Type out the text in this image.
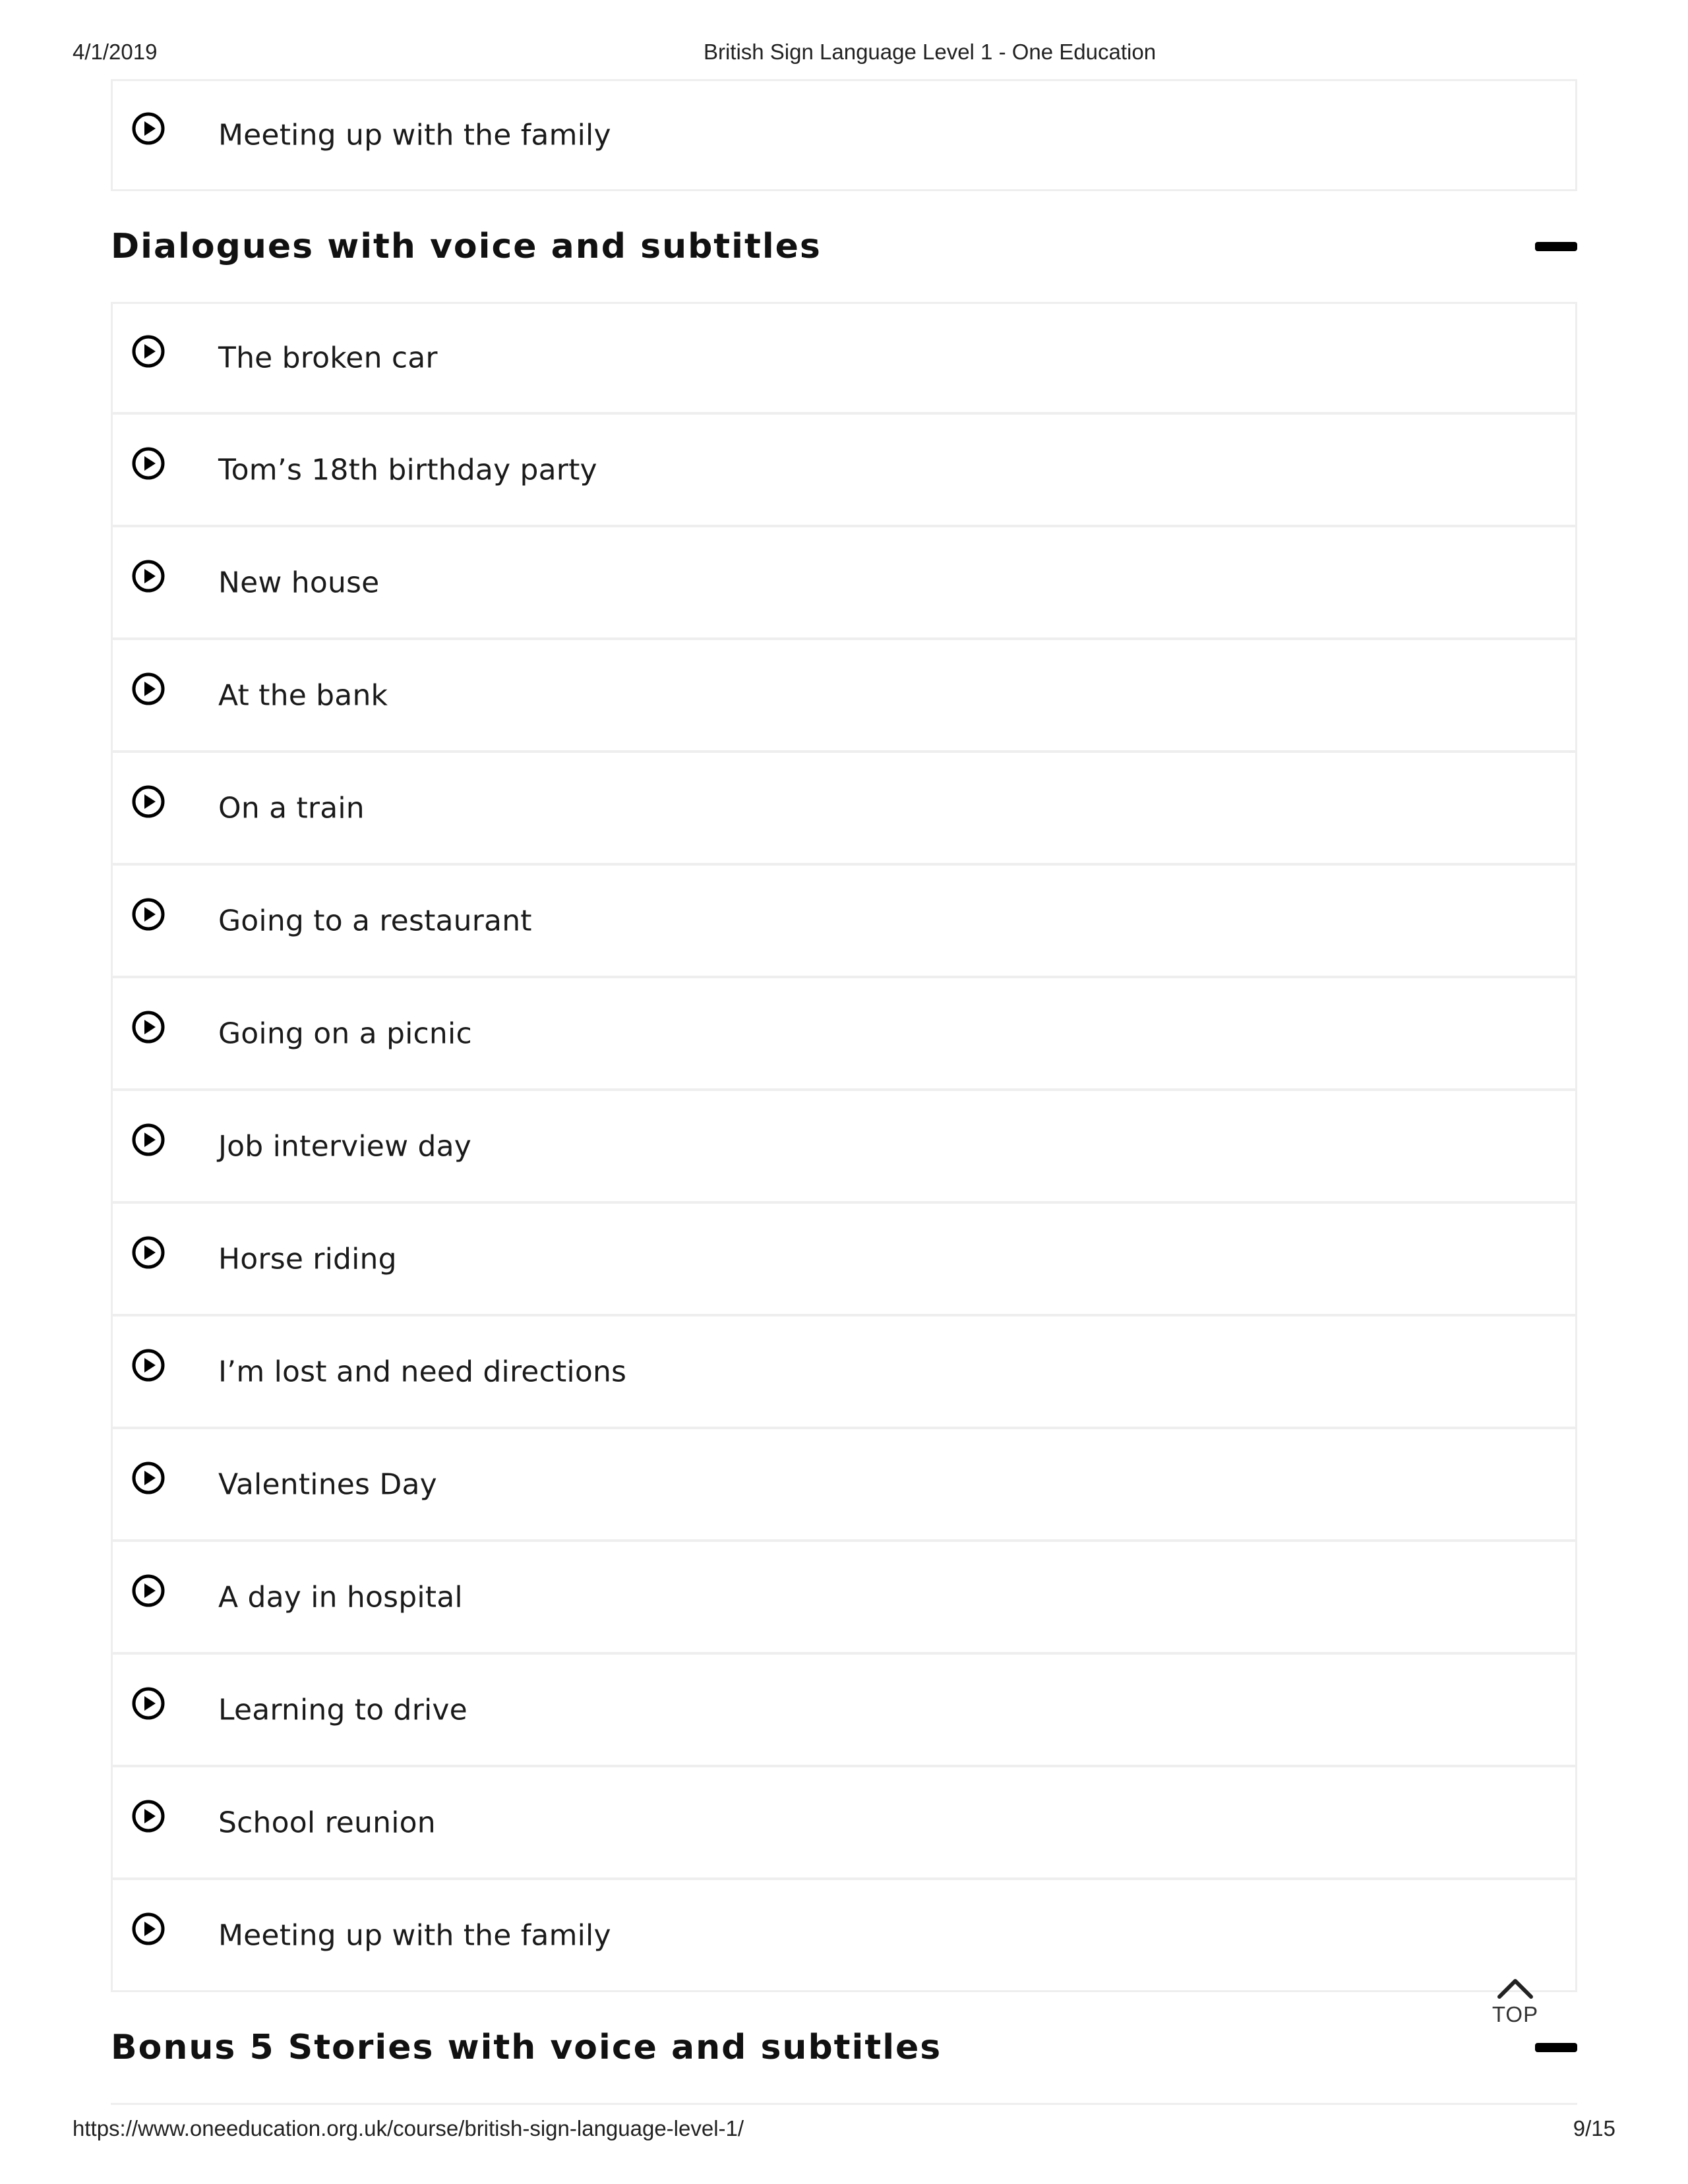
4/1/2019	British Sign Language Level 1 - One Education
Meeting up with the family
Dialogues with voice and subtitles
The broken car
Tom’s 18th birthday party
New house
At the bank
On a train
Going to a restaurant
Going on a picnic
Job interview day
Horse riding
I’m lost and need directions
Valentines Day
A day in hospital
Learning to drive
School reunion
Meeting up with the family
Bonus 5 Stories with voice and subtitles
TOP
https://www.oneeducation.org.uk/course/british-sign-language-level-1/	9/15
